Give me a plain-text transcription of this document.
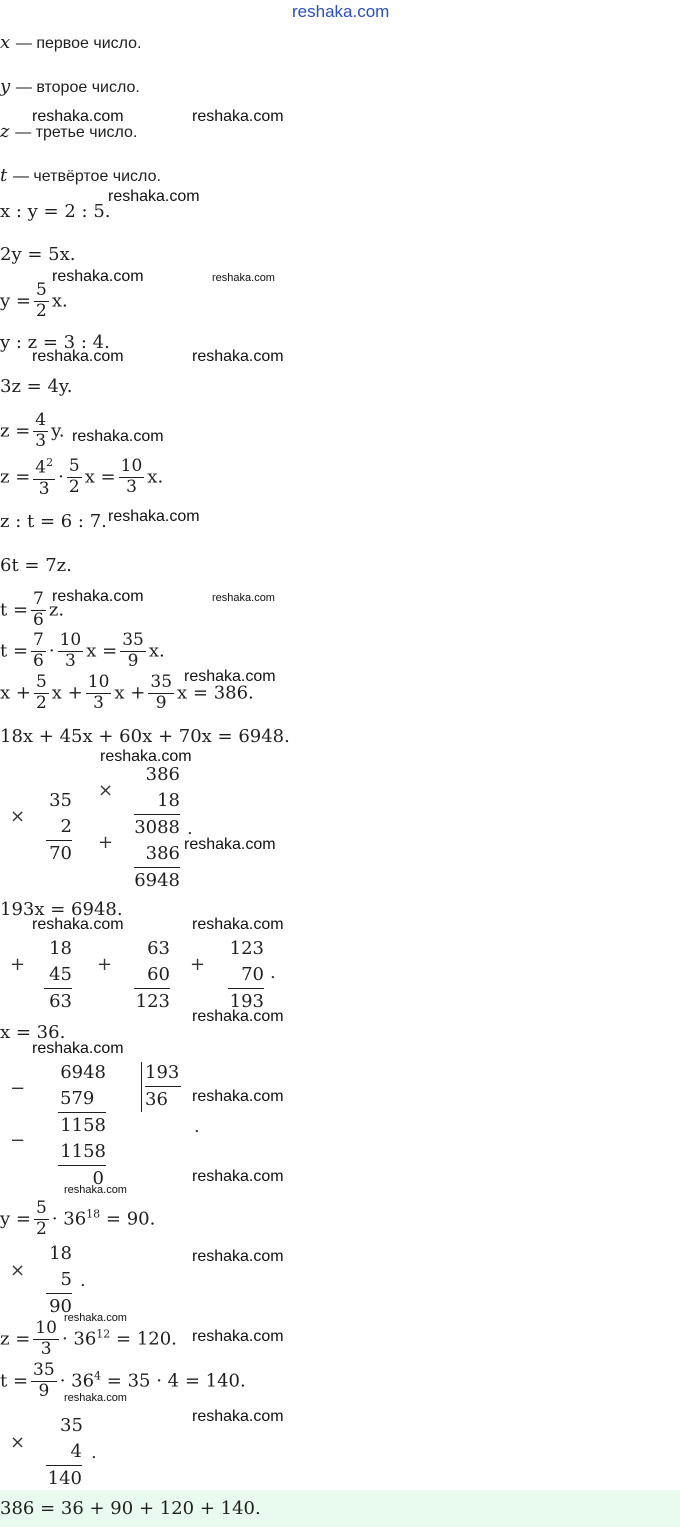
reshaka.com
x — первое число.
y — второе число.
z — третье число.
t — четвёртое число.
x : y = 2 : 5.
2y = 5x.
$y = \frac{5}{2} x$.
y : z = 3 : 4.
3z = 4y.
$z = \frac{4}{3} y$.
$z = \frac{4^2}{3} \cdot \frac{5}{2}$ $x = \frac{10}{3} x$.
z : t = 6 : 7.
6t = 7z.
$t = \frac{7}{6} z$.
$t = \frac{7}{6} \cdot \frac{10}{3}$ $x = \frac{35}{9} x$.
$x + \frac{5}{2}$ $x + \frac{10}{3}$ $x + \frac{35}{9}$ x = 386.
18x + 45x + 60x + 70x = 6948.
×
35
2
70
×
+
386
18
3088
386
6948
.
193x = 6948.
+
18
45
63
+
63
60
123
+
123
70
193
.
x = 36.
−
−
6948
579
1158
1158
0
193
36
.
$y = \frac{5}{2} \cdot 36^{18} = 90$.
×
18
5
90
.
$z = \frac{10}{3} \cdot 36^{12} = 120$.
$t = \frac{35}{9} \cdot 36^4 = 35 \cdot 4 = 140$.
×
35
4
140
.
386 = 36 + 90 + 120 + 140.
reshaka.com	reshaka.com
reshaka.com
reshaka.com	reshaka.com
reshaka.com	reshaka.com
reshaka.com
reshaka.com
reshaka.com	reshaka.com
reshaka.com
reshaka.com
reshaka.com
reshaka.com	reshaka.com
reshaka.com
reshaka.com
reshaka.com
reshaka.com
reshaka.com
reshaka.com
reshaka.com
reshaka.com
reshaka.com
reshaka.com
